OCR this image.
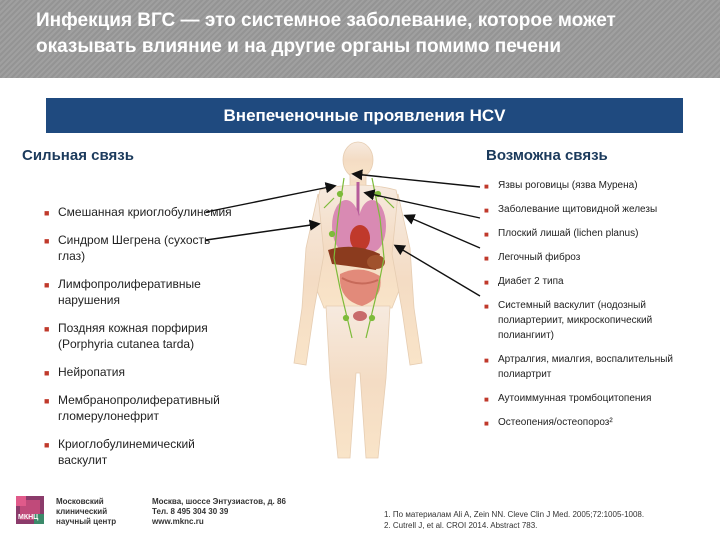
Инфекция ВГС — это системное заболевание, которое может оказывать влияние и на другие органы помимо печени
Внепеченочные проявления HCV
Сильная связь	Возможна связь
■ Смешанная криоглобулинемия
■ Синдром Шегрена (сухость глаз)
■ Лимфопролиферативные нарушения
■ Поздняя кожная порфирия (Porphyria cutanea tarda)
■ Нейропатия
■ Мембранопролиферативный гломерулонефрит
■ Криоглобулинемический васкулит
■ Язвы роговицы (язва Мурена)
■ Заболевание щитовидной железы
■ Плоский лишай (lichen planus)
■ Легочный фиброз
■ Диабет 2 типа
■ Системный васкулит (нодозный полиартериит, микроскопический полиангиит)
■ Артралгия, миалгия, воспалительный полиартрит
■ Аутоиммунная тромбоцитопения
■ Остеопения/остеопороз²
Московский
клинический
научный центр
Москва, шоссе Энтузиастов, д. 86
Тел. 8 495 304 30 39
www.mknc.ru
1. По материалам Ali A, Zein NN. Cleve Clin J Med. 2005;72:1005-1008.
2. Cutrell J, et al. CROI 2014. Abstract 783.
МКНЦ
